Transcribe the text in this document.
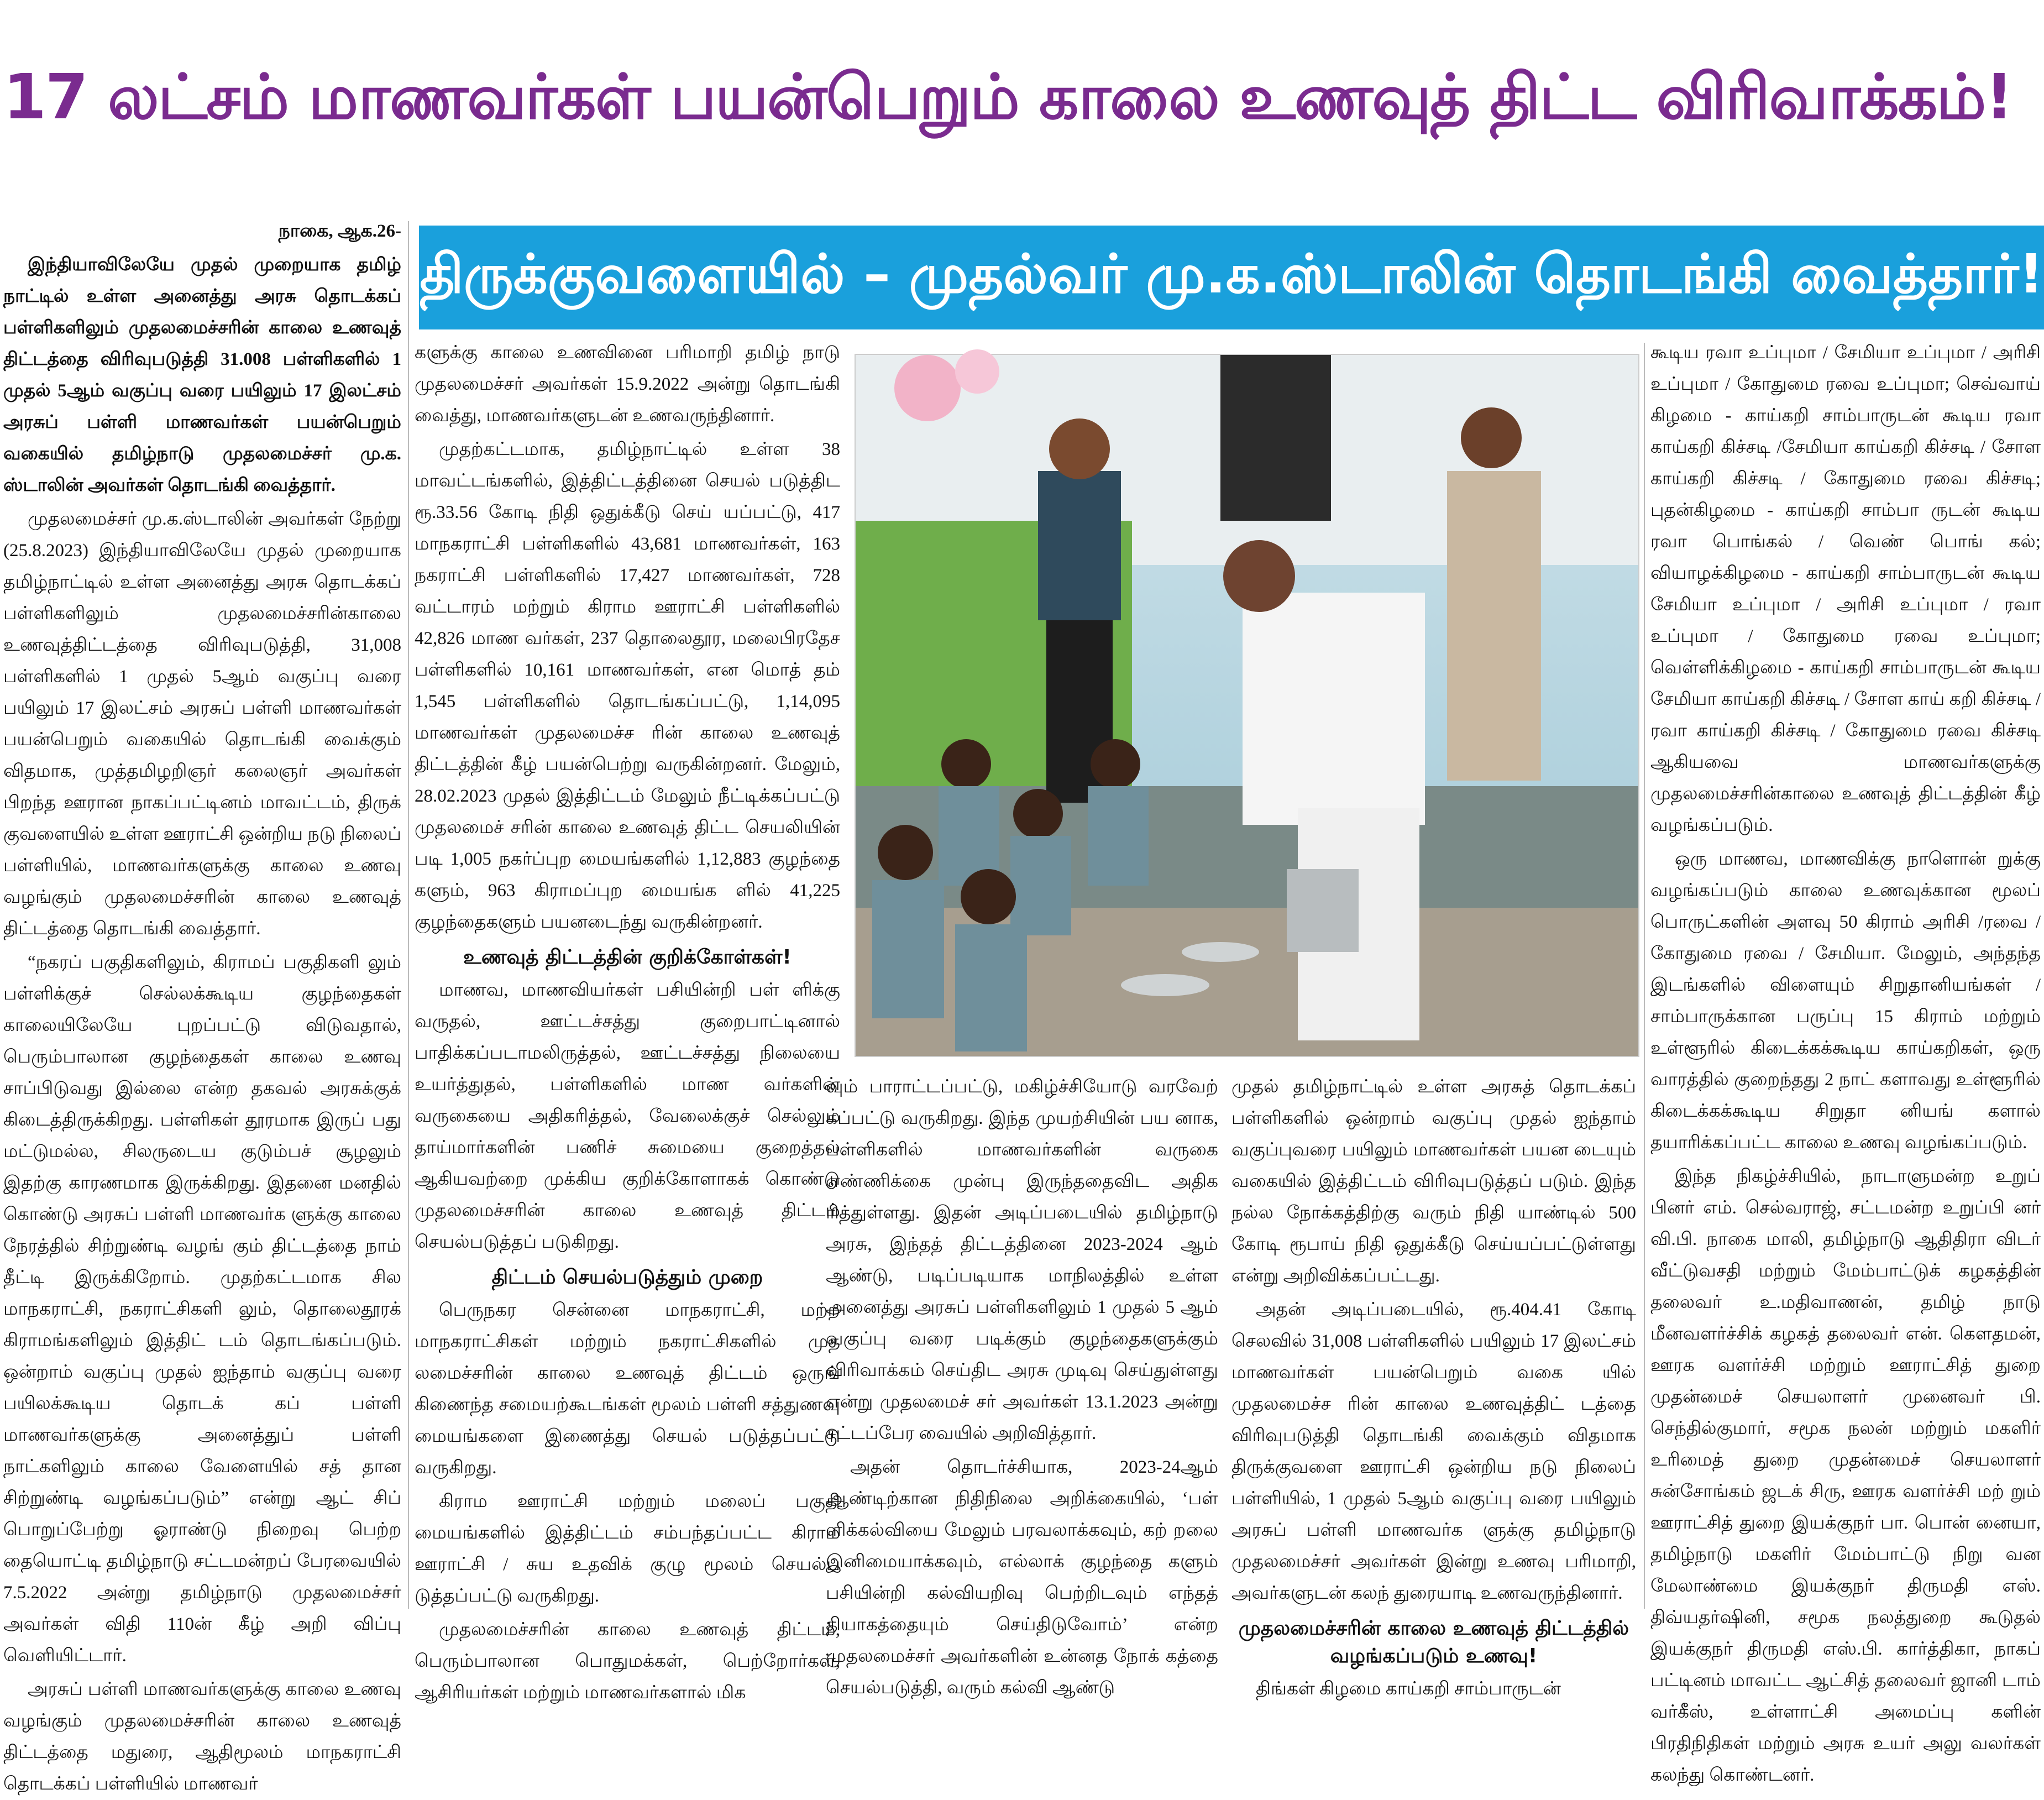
17 லட்சம் மாணவர்கள் பயன்பெறும் காலை உணவுத் திட்ட விரிவாக்கம்!
திருக்குவளையில் – முதல்வர் மு.க.ஸ்டாலின் தொடங்கி வைத்தார்!

நாகை, ஆக.26-

இந்தியாவிலேயே முதல் முறையாக தமிழ் நாட்டில் உள்ள அனைத்து அரசு தொடக்கப் பள்ளிகளிலும் முதலமைச்சரின் காலை உணவுத் திட்டத்தை விரிவுபடுத்தி 31.008 பள்ளிகளில் 1 முதல் 5ஆம் வகுப்பு வரை பயிலும் 17 இலட்சம் அரசுப் பள்ளி மாணவர்கள் பயன்பெறும் வகையில் தமிழ்நாடு முதலமைச்சர் மு.க. ஸ்டாலின் அவர்கள் தொடங்கி வைத்தார்.

முதலமைச்சர் மு.க.ஸ்டாலின் அவர்கள் நேற்று (25.8.2023) இந்தியாவிலேயே முதல் முறையாக தமிழ்நாட்டில் உள்ள அனைத்து அரசு தொடக்கப் பள்ளிகளிலும் முதலமைச்சரின்காலை உணவுத்திட்டத்தை விரிவுபடுத்தி, 31,008 பள்ளிகளில் 1 முதல் 5ஆம் வகுப்பு வரை பயிலும் 17 இலட்சம் அரசுப் பள்ளி மாணவர்கள் பயன்பெறும் வகையில் தொடங்கி வைக்கும் விதமாக, முத்தமிழறிஞர் கலைஞர் அவர்கள் பிறந்த ஊரான நாகப்பட்டினம் மாவட்டம், திருக் குவளையில் உள்ள ஊராட்சி ஒன்றிய நடு நிலைப் பள்ளியில், மாணவர்களுக்கு காலை உணவு வழங்கும் முதலமைச்சரின் காலை உணவுத் திட்டத்தை தொடங்கி வைத்தார்.

“நகரப் பகுதிகளிலும், கிராமப் பகுதிகளி லும் பள்ளிக்குச் செல்லக்கூடிய குழந்தைகள் காலையிலேயே புறப்பட்டு விடுவதால், பெரும்பாலான குழந்தைகள் காலை உணவு சாப்பிடுவது இல்லை என்ற தகவல் அரசுக்குக் கிடைத்திருக்கிறது. பள்ளிகள் தூரமாக இருப் பது மட்டுமல்ல, சிலருடைய குடும்பச் சூழலும் இதற்கு காரணமாக இருக்கிறது. இதனை மனதில் கொண்டு அரசுப் பள்ளி மாணவர்க ளுக்கு காலை நேரத்தில் சிற்றுண்டி வழங் கும் திட்டத்தை நாம் தீட்டி இருக்கிறோம். முதற்கட்டமாக சில மாநகராட்சி, நகராட்சிகளி லும், தொலைதூரக் கிராமங்களிலும் இத்திட் டம் தொடங்கப்படும். ஒன்றாம் வகுப்பு முதல் ஐந்தாம் வகுப்பு வரை பயிலக்கூடிய தொடக் கப் பள்ளி மாணவர்களுக்கு அனைத்துப் பள்ளி நாட்களிலும் காலை வேளையில் சத் தான சிற்றுண்டி வழங்கப்படும்” என்று ஆட் சிப் பொறுப்பேற்று ஓராண்டு நிறைவு பெற்ற தையொட்டி தமிழ்நாடு சட்டமன்றப் பேரவையில் 7.5.2022 அன்று தமிழ்நாடு முதலமைச்சர் அவர்கள் விதி 110ன் கீழ் அறி விப்பு வெளியிட்டார்.

அரசுப் பள்ளி மாணவர்களுக்கு காலை உணவு வழங்கும் முதலமைச்சரின் காலை உணவுத் திட்டத்தை மதுரை, ஆதிமூலம் மாநகராட்சி தொடக்கப் பள்ளியில் மாணவர்

களுக்கு காலை உணவினை பரிமாறி தமிழ் நாடு முதலமைச்சர் அவர்கள் 15.9.2022 அன்று தொடங்கி வைத்து, மாணவர்களுடன் உணவருந்தினார்.

முதற்கட்டமாக, தமிழ்நாட்டில் உள்ள 38 மாவட்டங்களில், இத்திட்டத்தினை செயல் படுத்திட ரூ.33.56 கோடி நிதி ஒதுக்கீடு செய் யப்பட்டு, 417 மாநகராட்சி பள்ளிகளில் 43,681 மாணவர்கள், 163 நகராட்சி பள்ளிகளில் 17,427 மாணவர்கள், 728 வட்டாரம் மற்றும் கிராம ஊராட்சி பள்ளிகளில் 42,826 மாண வர்கள், 237 தொலைதூர, மலைபிரதேச பள்ளிகளில் 10,161 மாணவர்கள், என மொத் தம் 1,545 பள்ளிகளில் தொடங்கப்பட்டு, 1,14,095 மாணவர்கள் முதலமைச்ச ரின் காலை உணவுத் திட்டத்தின் கீழ் பயன்பெற்று வருகின்றனர். மேலும், 28.02.2023 முதல் இத்திட்டம் மேலும் நீட்டிக்கப்பட்டு முதலமைச் சரின் காலை உணவுத் திட்ட செயலியின் படி 1,005 நகர்ப்புற மையங்களில் 1,12,883 குழந்தை களும், 963 கிராமப்புற மையங்க ளில் 41,225 குழந்தைகளும் பயனடைந்து வருகின்றனர்.

உணவுத் திட்டத்தின் குறிக்கோள்கள்!

மாணவ, மாணவியர்கள் பசியின்றி பள் ளிக்கு வருதல், ஊட்டச்சத்து குறைபாட்டினால் பாதிக்கப்படாமலிருத்தல், ஊட்டச்சத்து நிலையை உயர்த்துதல், பள்ளிகளில் மாண வர்களின் வருகையை அதிகரித்தல், வேலைக்குச் செல்லும் தாய்மார்களின் பணிச் சுமையை குறைத்தல் ஆகியவற்றை முக்கிய குறிக்கோளாகக் கொண்டு முதலமைச்சரின் காலை உணவுத் திட்டம் செயல்படுத்தப் படுகிறது.

திட்டம் செயல்படுத்தும் முறை

பெருநகர சென்னை மாநகராட்சி, மற்ற மாநகராட்சிகள் மற்றும் நகராட்சிகளில் முத லமைச்சரின் காலை உணவுத் திட்டம் ஒருங் கிணைந்த சமையற்கூடங்கள் மூலம் பள்ளி சத்துணவு மையங்களை இணைத்து செயல் படுத்தப்பட்டு வருகிறது.

கிராம ஊராட்சி மற்றும் மலைப் பகுதி மையங்களில் இத்திட்டம் சம்பந்தப்பட்ட கிராம ஊராட்சி / சுய உதவிக் குழு மூலம் செயல்ப டுத்தப்பட்டு வருகிறது.

முதலமைச்சரின் காலை உணவுத் திட்டம், பெரும்பாலான பொதுமக்கள், பெற்றோர்கள், ஆசிரியர்கள் மற்றும் மாணவர்களால் மிக

வும் பாராட்டப்பட்டு, மகிழ்ச்சியோடு வரவேற் கப்பட்டு வருகிறது. இந்த முயற்சியின் பய னாக, பள்ளிகளில் மாணவர்களின் வருகை எண்ணிக்கை முன்பு இருந்ததைவிட அதிக ரித்துள்ளது. இதன் அடிப்படையில் தமிழ்நாடு அரசு, இந்தத் திட்டத்தினை 2023-2024 ஆம் ஆண்டு, படிப்படியாக மாநிலத்தில் உள்ள அனைத்து அரசுப் பள்ளிகளிலும் 1 முதல் 5 ஆம் வகுப்பு வரை படிக்கும் குழந்தைகளுக்கும் விரிவாக்கம் செய்திட அரசு முடிவு செய்துள்ளது என்று முதலமைச் சர் அவர்கள் 13.1.2023 அன்று சட்டப்பேர வையில் அறிவித்தார்.

அதன் தொடர்ச்சியாக, 2023-24ஆம் ஆண்டிற்கான நிதிநிலை அறிக்கையில், ‘பள் ளிக்கல்வியை மேலும் பரவலாக்கவும், கற் றலை இனிமையாக்கவும், எல்லாக் குழந்தை களும் பசியின்றி கல்வியறிவு பெற்றிடவும் எந்தத் தியாகத்தையும் செய்திடுவோம்’ என்ற முதலமைச்சர் அவர்களின் உன்னத நோக் கத்தை செயல்படுத்தி, வரும் கல்வி ஆண்டு

முதல் தமிழ்நாட்டில் உள்ள அரசுத் தொடக்கப் பள்ளிகளில் ஒன்றாம் வகுப்பு முதல் ஐந்தாம் வகுப்புவரை பயிலும் மாணவர்கள் பயன டையும் வகையில் இத்திட்டம் விரிவுபடுத்தப் படும். இந்த நல்ல நோக்கத்திற்கு வரும் நிதி யாண்டில் 500 கோடி ரூபாய் நிதி ஒதுக்கீடு செய்யப்பட்டுள்ளது என்று அறிவிக்கப்பட்டது.

அதன் அடிப்படையில், ரூ.404.41 கோடி செலவில் 31,008 பள்ளிகளில் பயிலும் 17 இலட்சம் மாணவர்கள் பயன்பெறும் வகை யில் முதலமைச்ச ரின் காலை உணவுத்திட் டத்தை விரிவுபடுத்தி தொடங்கி வைக்கும் விதமாக திருக்குவளை ஊராட்சி ஒன்றிய நடு நிலைப் பள்ளியில், 1 முதல் 5ஆம் வகுப்பு வரை பயிலும் அரசுப் பள்ளி மாணவர்க ளுக்கு தமிழ்நாடு முதலமைச்சர் அவர்கள் இன்று உணவு பரிமாறி, அவர்களுடன் கலந் துரையாடி உணவருந்தினார்.

முதலமைச்சரின் காலை உணவுத் திட்டத்தில் வழங்கப்படும் உணவு!

திங்கள் கிழமை காய்கறி சாம்பாருடன்

கூடிய ரவா உப்புமா / சேமியா உப்புமா / அரிசி உப்புமா / கோதுமை ரவை உப்புமா; செவ்வாய் கிழமை - காய்கறி சாம்பாருடன் கூடிய ரவா காய்கறி கிச்சடி /சேமியா காய்கறி கிச்சடி / சோள காய்கறி கிச்சடி / கோதுமை ரவை கிச்சடி; புதன்கிழமை - காய்கறி சாம்பா ருடன் கூடிய ரவா பொங்கல் / வெண் பொங் கல்; வியாழக்கிழமை - காய்கறி சாம்பாருடன் கூடிய சேமியா உப்புமா / அரிசி உப்புமா / ரவா உப்புமா / கோதுமை ரவை உப்புமா; வெள்ளிக்கிழமை - காய்கறி சாம்பாருடன் கூடிய சேமியா காய்கறி கிச்சடி / சோள காய் கறி கிச்சடி / ரவா காய்கறி கிச்சடி / கோதுமை ரவை கிச்சடி ஆகியவை மாணவர்களுக்கு முதலமைச்சரின்காலை உணவுத் திட்டத்தின் கீழ் வழங்கப்படும்.

ஒரு மாணவ, மாணவிக்கு நாளொன் றுக்கு வழங்கப்படும் காலை உணவுக்கான மூலப் பொருட்களின் அளவு 50 கிராம் அரிசி /ரவை / கோதுமை ரவை / சேமியா. மேலும், அந்தந்த இடங்களில் விளையும் சிறுதானியங்கள் / சாம்பாருக்கான பருப்பு 15 கிராம் மற்றும் உள்ளூரில் கிடைக்கக்கூடிய காய்கறிகள், ஒரு வாரத்தில் குறைந்தது 2 நாட் களாவது உள்ளூரில் கிடைக்கக்கூடிய சிறுதா னியங் களால் தயாரிக்கப்பட்ட காலை உணவு வழங்கப்படும்.

இந்த நிகழ்ச்சியில், நாடாளுமன்ற உறுப் பினர் எம். செல்வராஜ், சட்டமன்ற உறுப்பி னர் வி.பி. நாகை மாலி, தமிழ்நாடு ஆதிதிரா விடர் வீட்டுவசதி மற்றும் மேம்பாட்டுக் கழகத்தின் தலைவர் உ.மதிவாணன், தமிழ் நாடு மீனவளர்ச்சிக் கழகத் தலைவர் என். கௌதமன், ஊரக வளர்ச்சி மற்றும் ஊராட்சித் துறை முதன்மைச் செயலாளர் முனைவர் பி. செந்தில்குமார், சமூக நலன் மற்றும் மகளிர் உரிமைத் துறை முதன்மைச் செயலாளர் சுன்சோங்கம் ஜடக் சிரு, ஊரக வளர்ச்சி மற் றும் ஊராட்சித் துறை இயக்குநர் பா. பொன் னையா, தமிழ்நாடு மகளிர் மேம்பாட்டு நிறு வன மேலாண்மை இயக்குநர் திருமதி எஸ். திவ்யதர்ஷினி, சமூக நலத்துறை கூடுதல் இயக்குநர் திருமதி எஸ்.பி. கார்த்திகா, நாகப் பட்டினம் மாவட்ட ஆட்சித் தலைவர் ஜானி டாம் வர்கீஸ், உள்ளாட்சி அமைப்பு களின் பிரதிநிதிகள் மற்றும் அரசு உயர் அலு வலர்கள் கலந்து கொண்டனர்.
